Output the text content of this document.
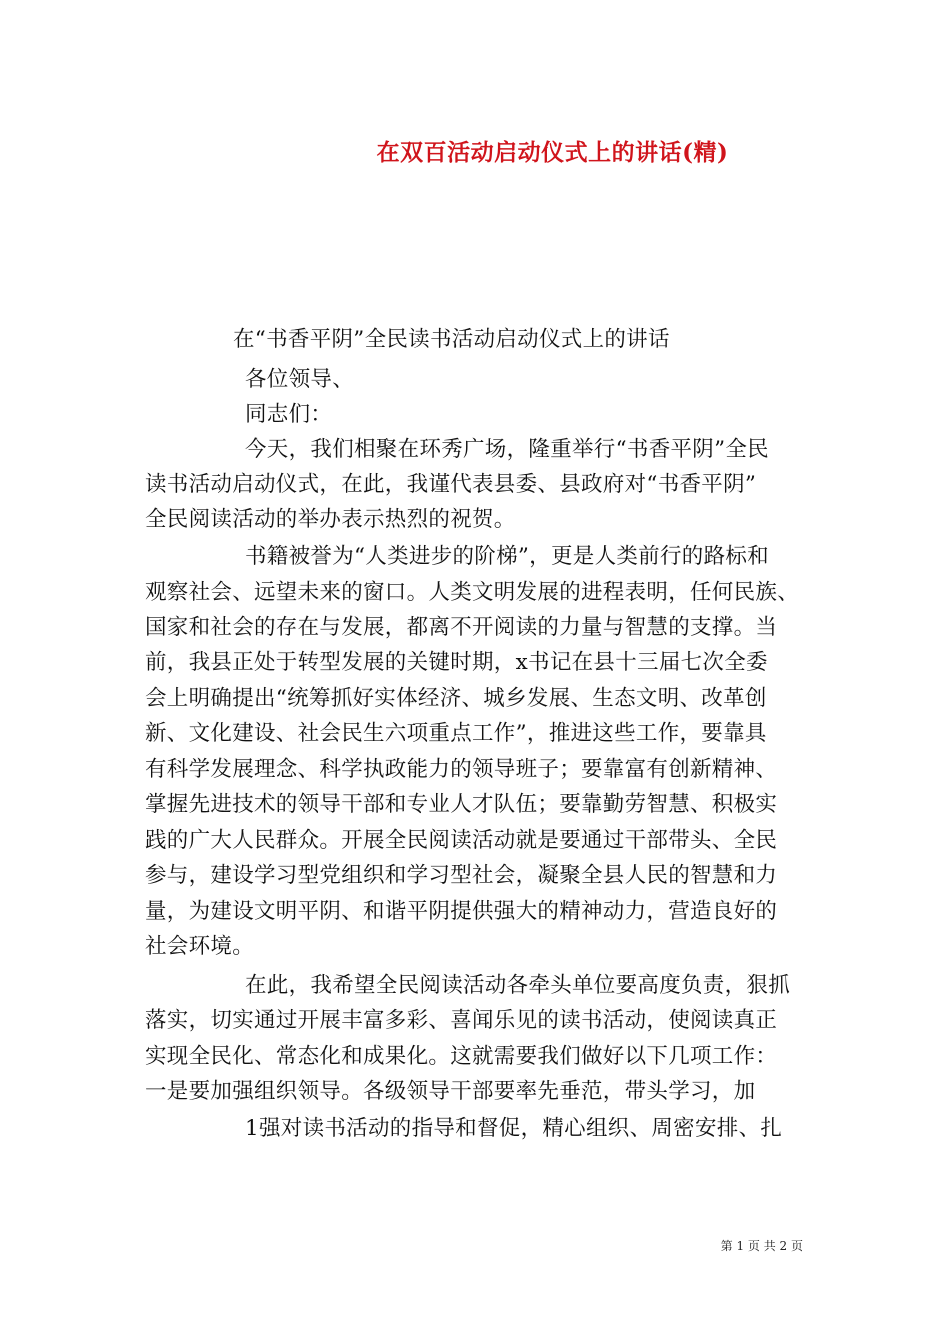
在双百活动启动仪式上的讲话(精)
在“书香平阴”全民读书活动启动仪式上的讲话
各位领导、
同志们：
今天，我们相聚在环秀广场，隆重举行“书香平阴”全民
读书活动启动仪式，在此，我谨代表县委、县政府对“书香平阴”
全民阅读活动的举办表示热烈的祝贺。
书籍被誉为“人类进步的阶梯”，更是人类前行的路标和
观察社会、远望未来的窗口。人类文明发展的进程表明，任何民族、
国家和社会的存在与发展，都离不开阅读的力量与智慧的支撑。当
前，我县正处于转型发展的关键时期，x书记在县十三届七次全委
会上明确提出“统筹抓好实体经济、城乡发展、生态文明、改革创
新、文化建设、社会民生六项重点工作”，推进这些工作，要靠具
有科学发展理念、科学执政能力的领导班子；要靠富有创新精神、
掌握先进技术的领导干部和专业人才队伍；要靠勤劳智慧、积极实
践的广大人民群众。开展全民阅读活动就是要通过干部带头、全民
参与，建设学习型党组织和学习型社会，凝聚全县人民的智慧和力
量，为建设文明平阴、和谐平阴提供强大的精神动力，营造良好的
社会环境。
在此，我希望全民阅读活动各牵头单位要高度负责，狠抓
落实，切实通过开展丰富多彩、喜闻乐见的读书活动，使阅读真正
实现全民化、常态化和成果化。这就需要我们做好以下几项工作：
一是要加强组织领导。各级领导干部要率先垂范，带头学习，加
1强对读书活动的指导和督促，精心组织、周密安排、扎
第 1 页 共 2 页
